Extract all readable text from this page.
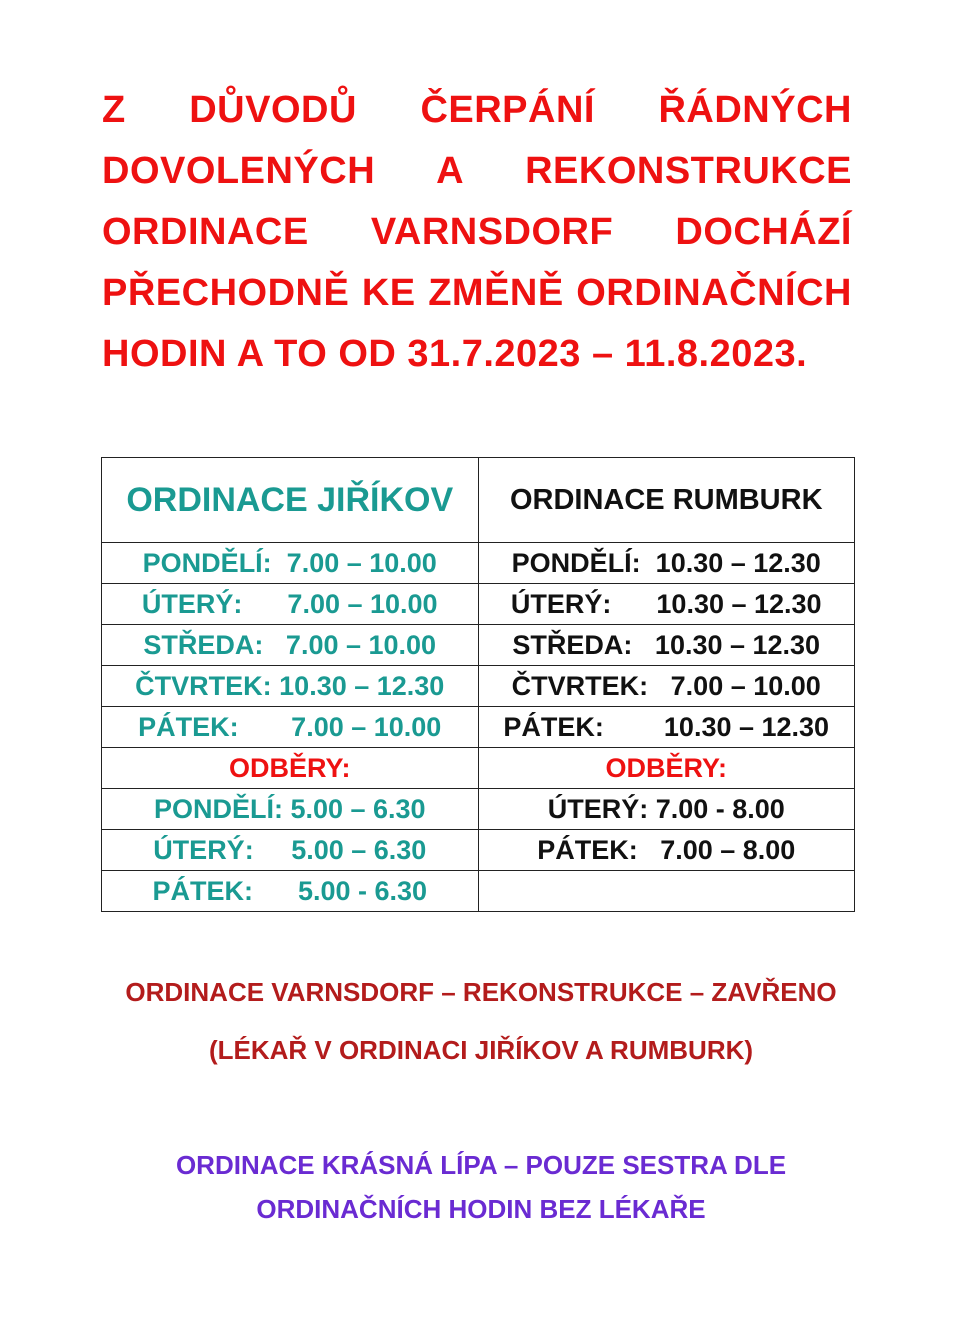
Z DŮVODŮ ČERPÁNÍ ŘÁDNÝCH
DOVOLENÝCH A REKONSTRUKCE
ORDINACE VARNSDORF DOCHÁZÍ
PŘECHODNĚ KE ZMĚNĚ ORDINAČNÍCH
HODIN A TO OD 31.7.2023 – 11.8.2023.
ORDINACE JIŘÍKOV	ORDINACE RUMBURK
PONDĚLÍ:  7.00 – 10.00	PONDĚLÍ:  10.30 – 12.30
ÚTERÝ:      7.00 – 10.00	ÚTERÝ:      10.30 – 12.30
STŘEDA:   7.00 – 10.00	STŘEDA:   10.30 – 12.30
ČTVRTEK: 10.30 – 12.30	ČTVRTEK:   7.00 – 10.00
PÁTEK:       7.00 – 10.00	PÁTEK:        10.30 – 12.30
ODBĚRY:	ODBĚRY:
PONDĚLÍ: 5.00 – 6.30	ÚTERÝ: 7.00 - 8.00
ÚTERÝ:     5.00 – 6.30	PÁTEK:   7.00 – 8.00
PÁTEK:      5.00 - 6.30	
ORDINACE VARNSDORF – REKONSTRUKCE – ZAVŘENO
(LÉKAŘ V ORDINACI JIŘÍKOV A RUMBURK)
ORDINACE KRÁSNÁ LÍPA – POUZE SESTRA DLE
ORDINAČNÍCH HODIN BEZ LÉKAŘE
